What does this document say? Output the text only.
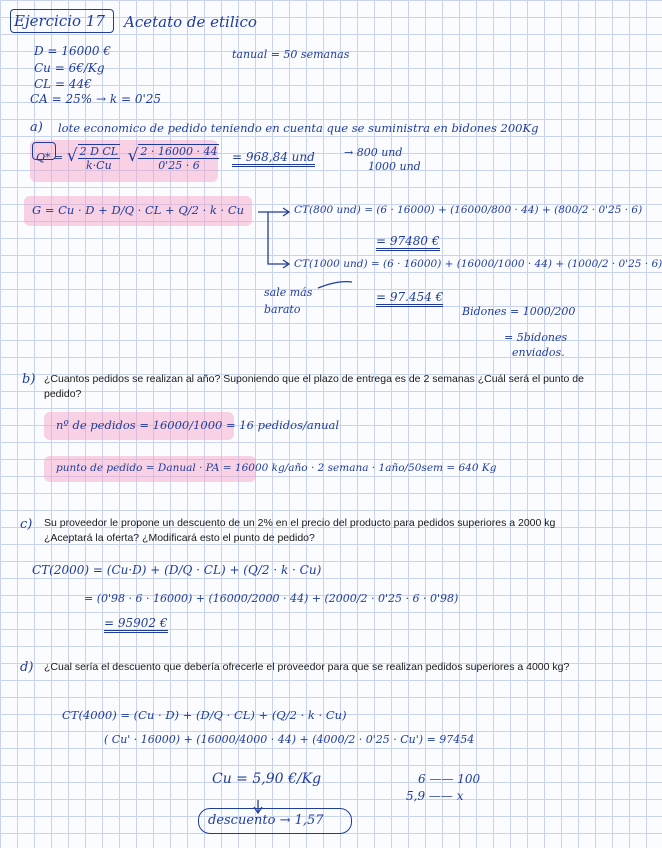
Ejercicio 17 Acetato de etilico
D = 16000 €
Cu = 6€/Kg
CL = 44€
CA = 25% → k = 0'25
tanual = 50 semanas
a) lote economico de pedido teniendo en cuenta que se suministra en bidones 200Kg
Q* = √ $\frac{\text{2 D CL}}{k\cdot Cu}$ √ $\frac{2 \cdot 16000 \cdot 44}{0'25 \cdot 6} = 968,84$ und	→ 800 und
1000 und
G = Cu · D + D/Q · CL + Q/2 · k · Cu	CT(800 und) = (6 · 16000) + (16000/800 · 44) + (800/2 · 0'25 · 6)
= 97480 €
CT(1000 und) = (6 · 16000) + (16000/1000 · 44) + (1000/2 · 0'25 · 6)
= 97.454 €
sale más
barato	Bidones = 1000/200
= 5bidones
enviados.
b) ¿Cuantos pedidos se realizan al año? Suponiendo que el plazo de entrega es de 2 semanas ¿Cuál será el punto de pedido?
nº de pedidos = 16000/1000 = 16 pedidos/anual
punto de pedido = Danual · PA = 16000 kg/año · 2 semana · 1año/50sem = 640 Kg
c) Su proveedor le propone un descuento de un 2% en el precio del producto para pedidos superiores a 2000 kg ¿Aceptará la oferta? ¿Modificará esto el punto de pedido?
CT(2000) = (Cu·D) + (D/Q · CL) + (Q/2 · k · Cu)
= (0'98 · 6 · 16000) + (16000/2000 · 44) + (2000/2 · 0'25 · 6 · 0'98)
= 95902 €
d) ¿Cual sería el descuento que debería ofrecerle el proveedor para que se realizan pedidos superiores a 4000 kg?
CT(4000) = (Cu · D) + (D/Q · CL) + (Q/2 · k · Cu)
( Cu' · 16000) + (16000/4000 · 44) + (4000/2 · 0'25 · Cu') = 97454
Cu = 5,90 €/Kg	6 —— 100
5,9 —— x
descuento → 1,57
